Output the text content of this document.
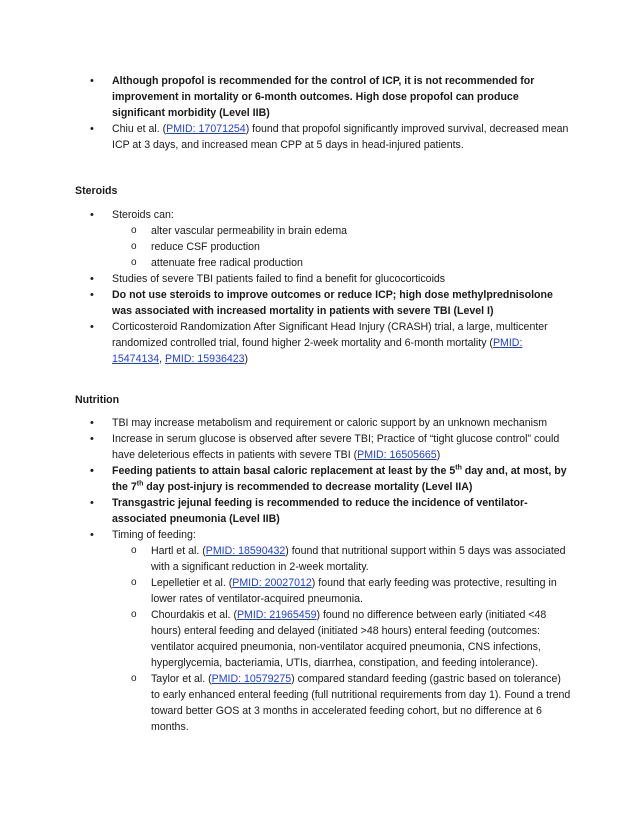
•	Although propofol is recommended for the control of ICP, it is not recommended for improvement in mortality or 6-month outcomes. High dose propofol can produce significant morbidity (Level IIB)
•	Chiu et al. (PMID: 17071254) found that propofol significantly improved survival, decreased mean ICP at 3 days, and increased mean CPP at 5 days in head-injured patients.
Steroids
•	Steroids can:
o	alter vascular permeability in brain edema
o	reduce CSF production
o	attenuate free radical production
•	Studies of severe TBI patients failed to find a benefit for glucocorticoids
•	Do not use steroids to improve outcomes or reduce ICP; high dose methylprednisolone was associated with increased mortality in patients with severe TBI (Level I)
•	Corticosteroid Randomization After Significant Head Injury (CRASH) trial, a large, multicenter randomized controlled trial, found higher 2-week mortality and 6-month mortality (PMID: 15474134, PMID: 15936423)
Nutrition
•	TBI may increase metabolism and requirement or caloric support by an unknown mechanism
•	Increase in serum glucose is observed after severe TBI; Practice of “tight glucose control” could have deleterious effects in patients with severe TBI (PMID: 16505665)
•	Feeding patients to attain basal caloric replacement at least by the 5th day and, at most, by the 7th day post-injury is recommended to decrease mortality (Level IIA)
•	Transgastric jejunal feeding is recommended to reduce the incidence of ventilator-associated pneumonia (Level IIB)
•	Timing of feeding:
o	Hartl et al. (PMID: 18590432) found that nutritional support within 5 days was associated with a significant reduction in 2-week mortality.
o	Lepelletier et al. (PMID: 20027012) found that early feeding was protective, resulting in lower rates of ventilator-acquired pneumonia.
o	Chourdakis et al. (PMID: 21965459) found no difference between early (initiated <48 hours) enteral feeding and delayed (initiated >48 hours) enteral feeding (outcomes: ventilator acquired pneumonia, non-ventilator acquired pneumonia, CNS infections, hyperglycemia, bacteriamia, UTIs, diarrhea, constipation, and feeding intolerance).
o	Taylor et al. (PMID: 10579275) compared standard feeding (gastric based on tolerance) to early enhanced enteral feeding (full nutritional requirements from day 1). Found a trend toward better GOS at 3 months in accelerated feeding cohort, but no difference at 6 months.
